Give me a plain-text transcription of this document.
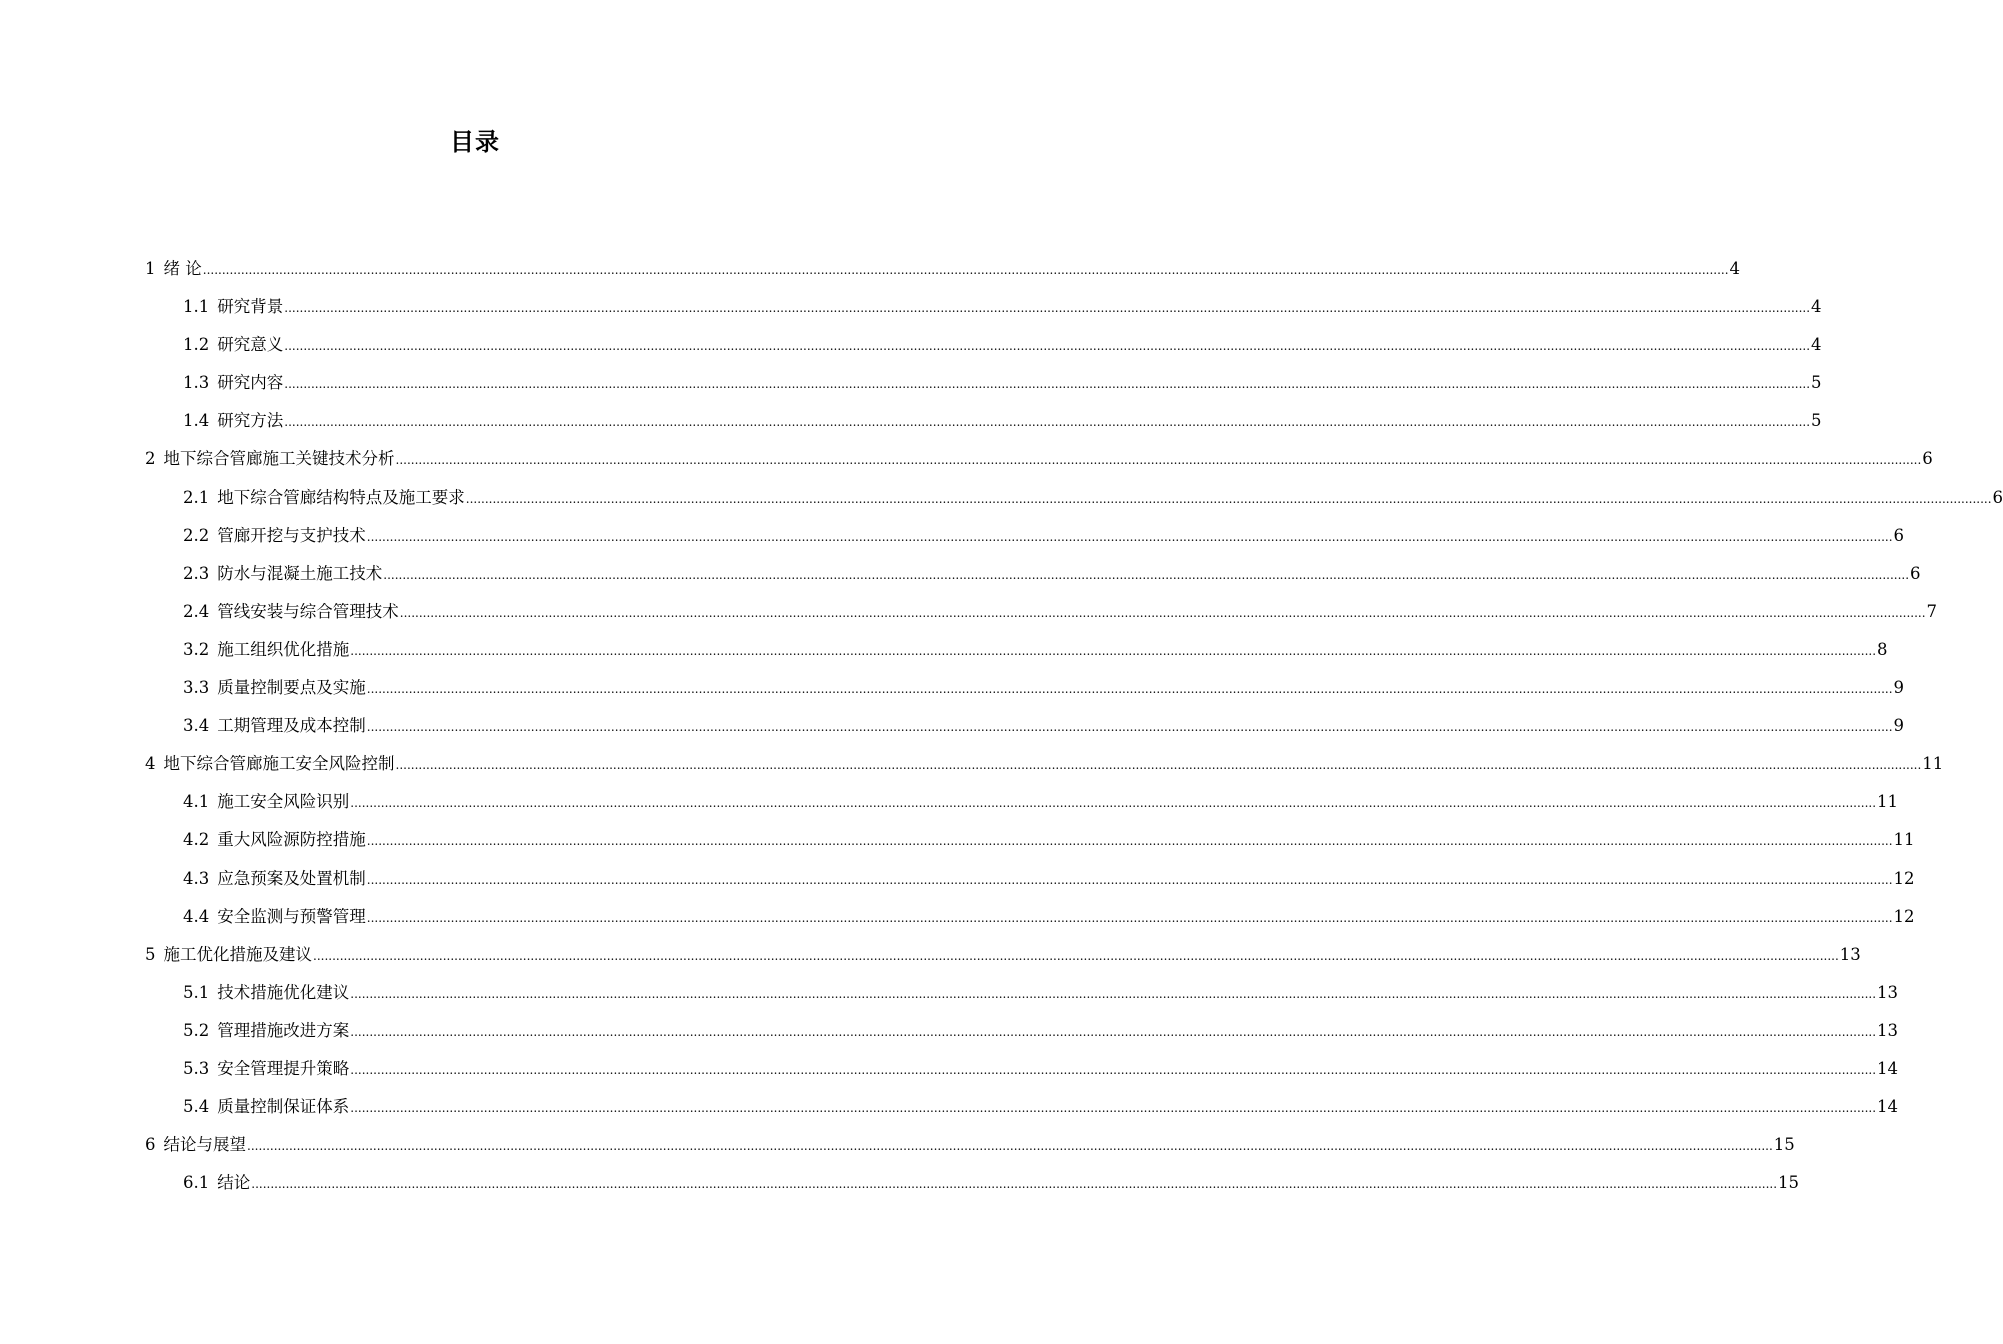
目录
1 绪 论 ................................................................................................................................................................................................................................................................................................................................................................................................................ 4
1.1 研究背景 ................................................................................................................................................................................................................................................................................................................................................................................................................ 4
1.2 研究意义 ................................................................................................................................................................................................................................................................................................................................................................................................................ 4
1.3 研究内容 ................................................................................................................................................................................................................................................................................................................................................................................................................ 5
1.4 研究方法 ................................................................................................................................................................................................................................................................................................................................................................................................................ 5
2 地下综合管廊施工关键技术分析 ................................................................................................................................................................................................................................................................................................................................................................................................................ 6
2.1 地下综合管廊结构特点及施工要求 ................................................................................................................................................................................................................................................................................................................................................................................................................ 6
2.2 管廊开挖与支护技术 ................................................................................................................................................................................................................................................................................................................................................................................................................ 6
2.3 防水与混凝土施工技术 ................................................................................................................................................................................................................................................................................................................................................................................................................ 6
2.4 管线安装与综合管理技术 ................................................................................................................................................................................................................................................................................................................................................................................................................ 7
3.2 施工组织优化措施 ................................................................................................................................................................................................................................................................................................................................................................................................................ 8
3.3 质量控制要点及实施 ................................................................................................................................................................................................................................................................................................................................................................................................................ 9
3.4 工期管理及成本控制 ................................................................................................................................................................................................................................................................................................................................................................................................................ 9
4 地下综合管廊施工安全风险控制 ................................................................................................................................................................................................................................................................................................................................................................................................................ 11
4.1 施工安全风险识别 ................................................................................................................................................................................................................................................................................................................................................................................................................ 11
4.2 重大风险源防控措施 ................................................................................................................................................................................................................................................................................................................................................................................................................ 11
4.3 应急预案及处置机制 ................................................................................................................................................................................................................................................................................................................................................................................................................ 12
4.4 安全监测与预警管理 ................................................................................................................................................................................................................................................................................................................................................................................................................ 12
5 施工优化措施及建议 ................................................................................................................................................................................................................................................................................................................................................................................................................ 13
5.1 技术措施优化建议 ................................................................................................................................................................................................................................................................................................................................................................................................................ 13
5.2 管理措施改进方案 ................................................................................................................................................................................................................................................................................................................................................................................................................ 13
5.3 安全管理提升策略 ................................................................................................................................................................................................................................................................................................................................................................................................................ 14
5.4 质量控制保证体系 ................................................................................................................................................................................................................................................................................................................................................................................................................ 14
6 结论与展望 ................................................................................................................................................................................................................................................................................................................................................................................................................ 15
6.1 结论 ................................................................................................................................................................................................................................................................................................................................................................................................................ 15
